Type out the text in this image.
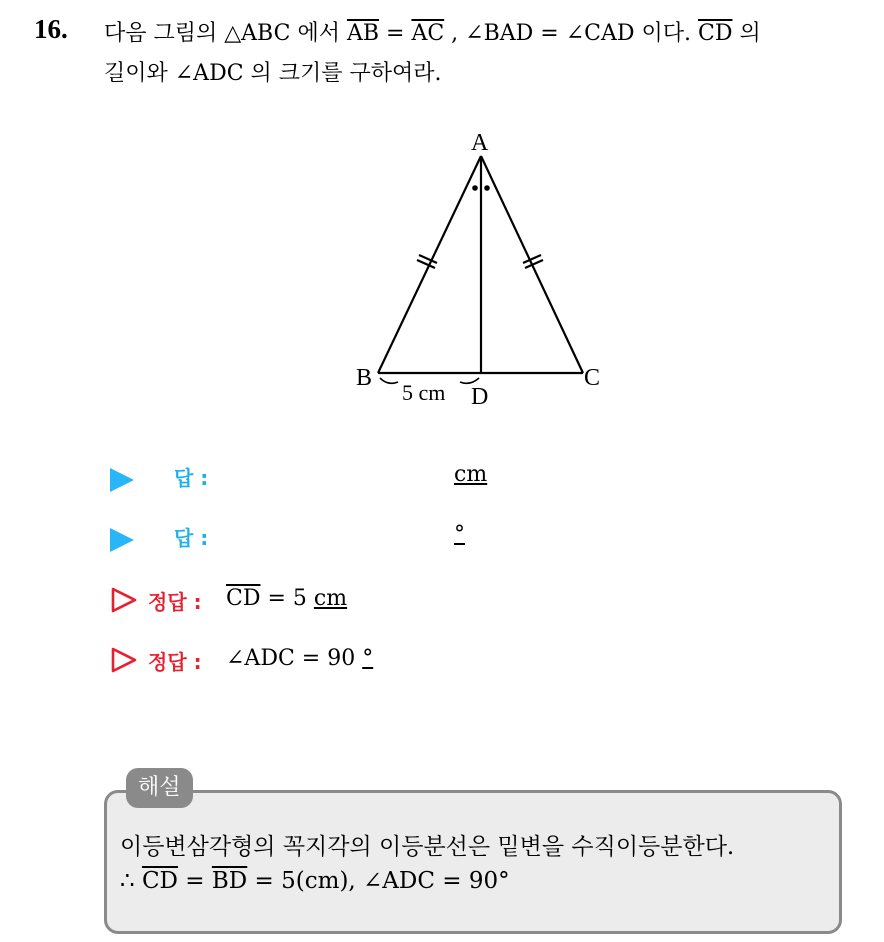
16. 다음 그림의 △ABC 에서 $\overline{AB} = \overline{AC}$ , ∠BAD = ∠CAD 이다. $\overline{CD}$ 의
길이와 ∠ADC 의 크기를 구하여라.
A
B	C
D
5 cm
답 :	cm
답 :	°
정답 : $\overline{CD} = 5$ cm
정답 : ∠ADC = 90 °
해설
이등변삼각형의 꼭지각의 이등분선은 밑변을 수직이등분한다.
∴ $\overline{CD} = \overline{BD} = 5(cm)$, ∠ADC = 90°
